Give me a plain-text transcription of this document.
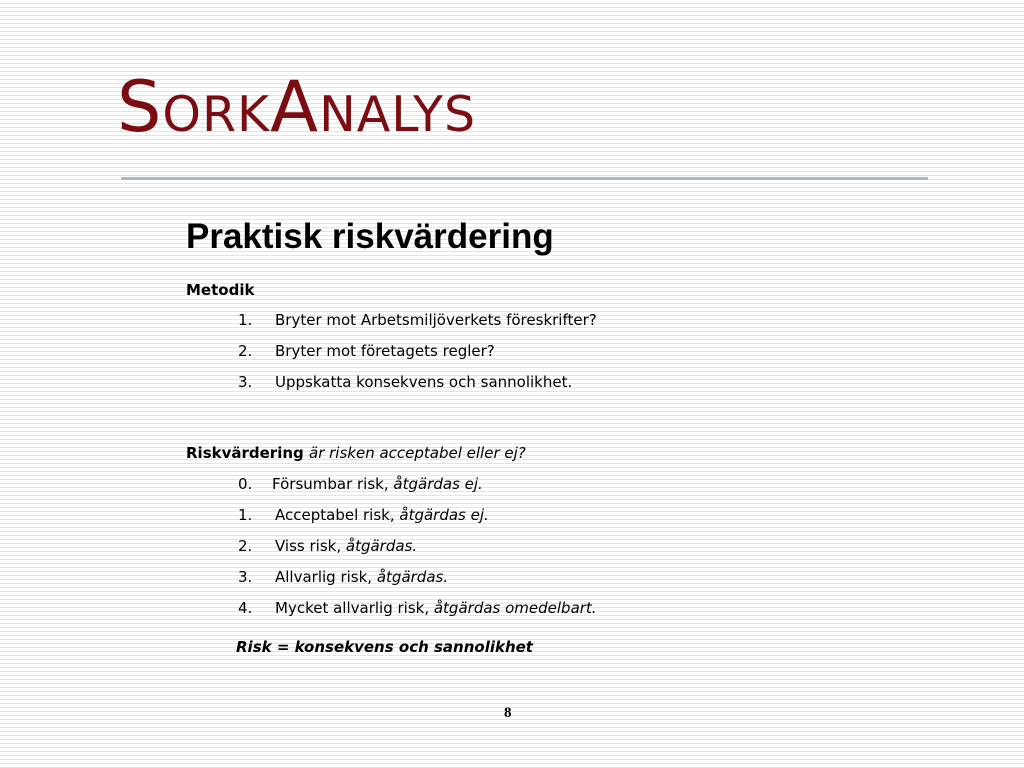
SorkAnalys
Praktisk riskvärdering
Metodik
1. Bryter mot Arbetsmiljöverkets föreskrifter?
2. Bryter mot företagets regler?
3. Uppskatta konsekvens och sannolikhet.
Riskvärdering är risken acceptabel eller ej?
0. Försumbar risk, åtgärdas ej.
1. Acceptabel risk, åtgärdas ej.
2. Viss risk, åtgärdas.
3. Allvarlig risk, åtgärdas.
4. Mycket allvarlig risk, åtgärdas omedelbart.
Risk = konsekvens och sannolikhet
8
